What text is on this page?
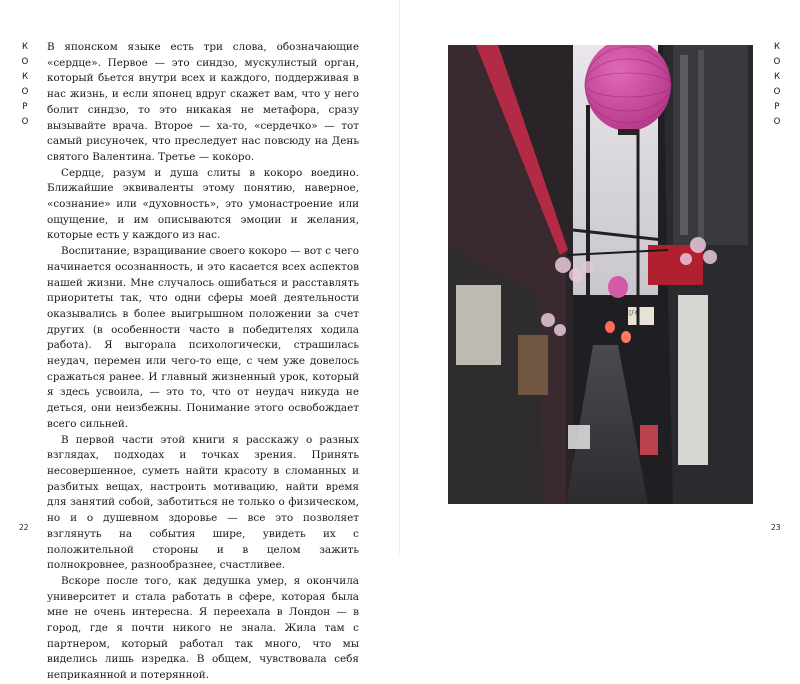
К
О
К
О
Р
О

В японском языке есть три слова, обозначающие «сердце». Первое — это синдзо, мускулистый орган, который бьется внутри всех и каждого, поддерживая в нас жизнь, и если японец вдруг скажет вам, что у него болит синдзо, то это никакая не метафора, сразу вызывайте врача. Второе — ха-то, «сердечко» — тот самый рисуночек, что преследует нас повсюду на День святого Валентина. Третье — кокоро.

Сердце, разум и душа слиты в кокоро воедино. Ближайшие эквиваленты этому понятию, наверное, «сознание» или «духовность», это умонастроение или ощущение, и им описываются эмоции и желания, которые есть у каждого из нас.

Воспитание, взращивание своего кокоро — вот с чего начинается осознанность, и это касается всех аспектов нашей жизни. Мне случалось ошибаться и расставлять приоритеты так, что одни сферы моей деятельности оказывались в более выигрышном положении за счет других (в особенности часто в победителях ходила работа). Я выгорала психологически, страшилась неудач, перемен или чего-то еще, с чем уже довелось сражаться ранее. И главный жизненный урок, который я здесь усвоила, — это то, что от неудач никуда не деться, они неизбежны. Понимание этого освобождает всего сильней.

В первой части этой книги я расскажу о разных взглядах, подходах и точках зрения. Принять несовершенное, суметь найти красоту в сломанных и разбитых вещах, настроить мотивацию, найти время для занятий собой, заботиться не только о физическом, но и о душевном здоровье — все это позволяет взглянуть на события шире, увидеть их с положительной стороны и в целом зажить полнокровнее, разнообразнее, счастливее.

Вскоре после того, как дедушка умер, я окончила университет и стала работать в сфере, которая была мне не очень интересна. Я переехала в Лондон — в город, где я почти никого не знала. Жила там с партнером, который работал так много, что мы виделись лишь изредка. В общем, чувствовала себя неприкаянной и потерянной.

22
あくびを
К
О
К
О
Р
О
23
